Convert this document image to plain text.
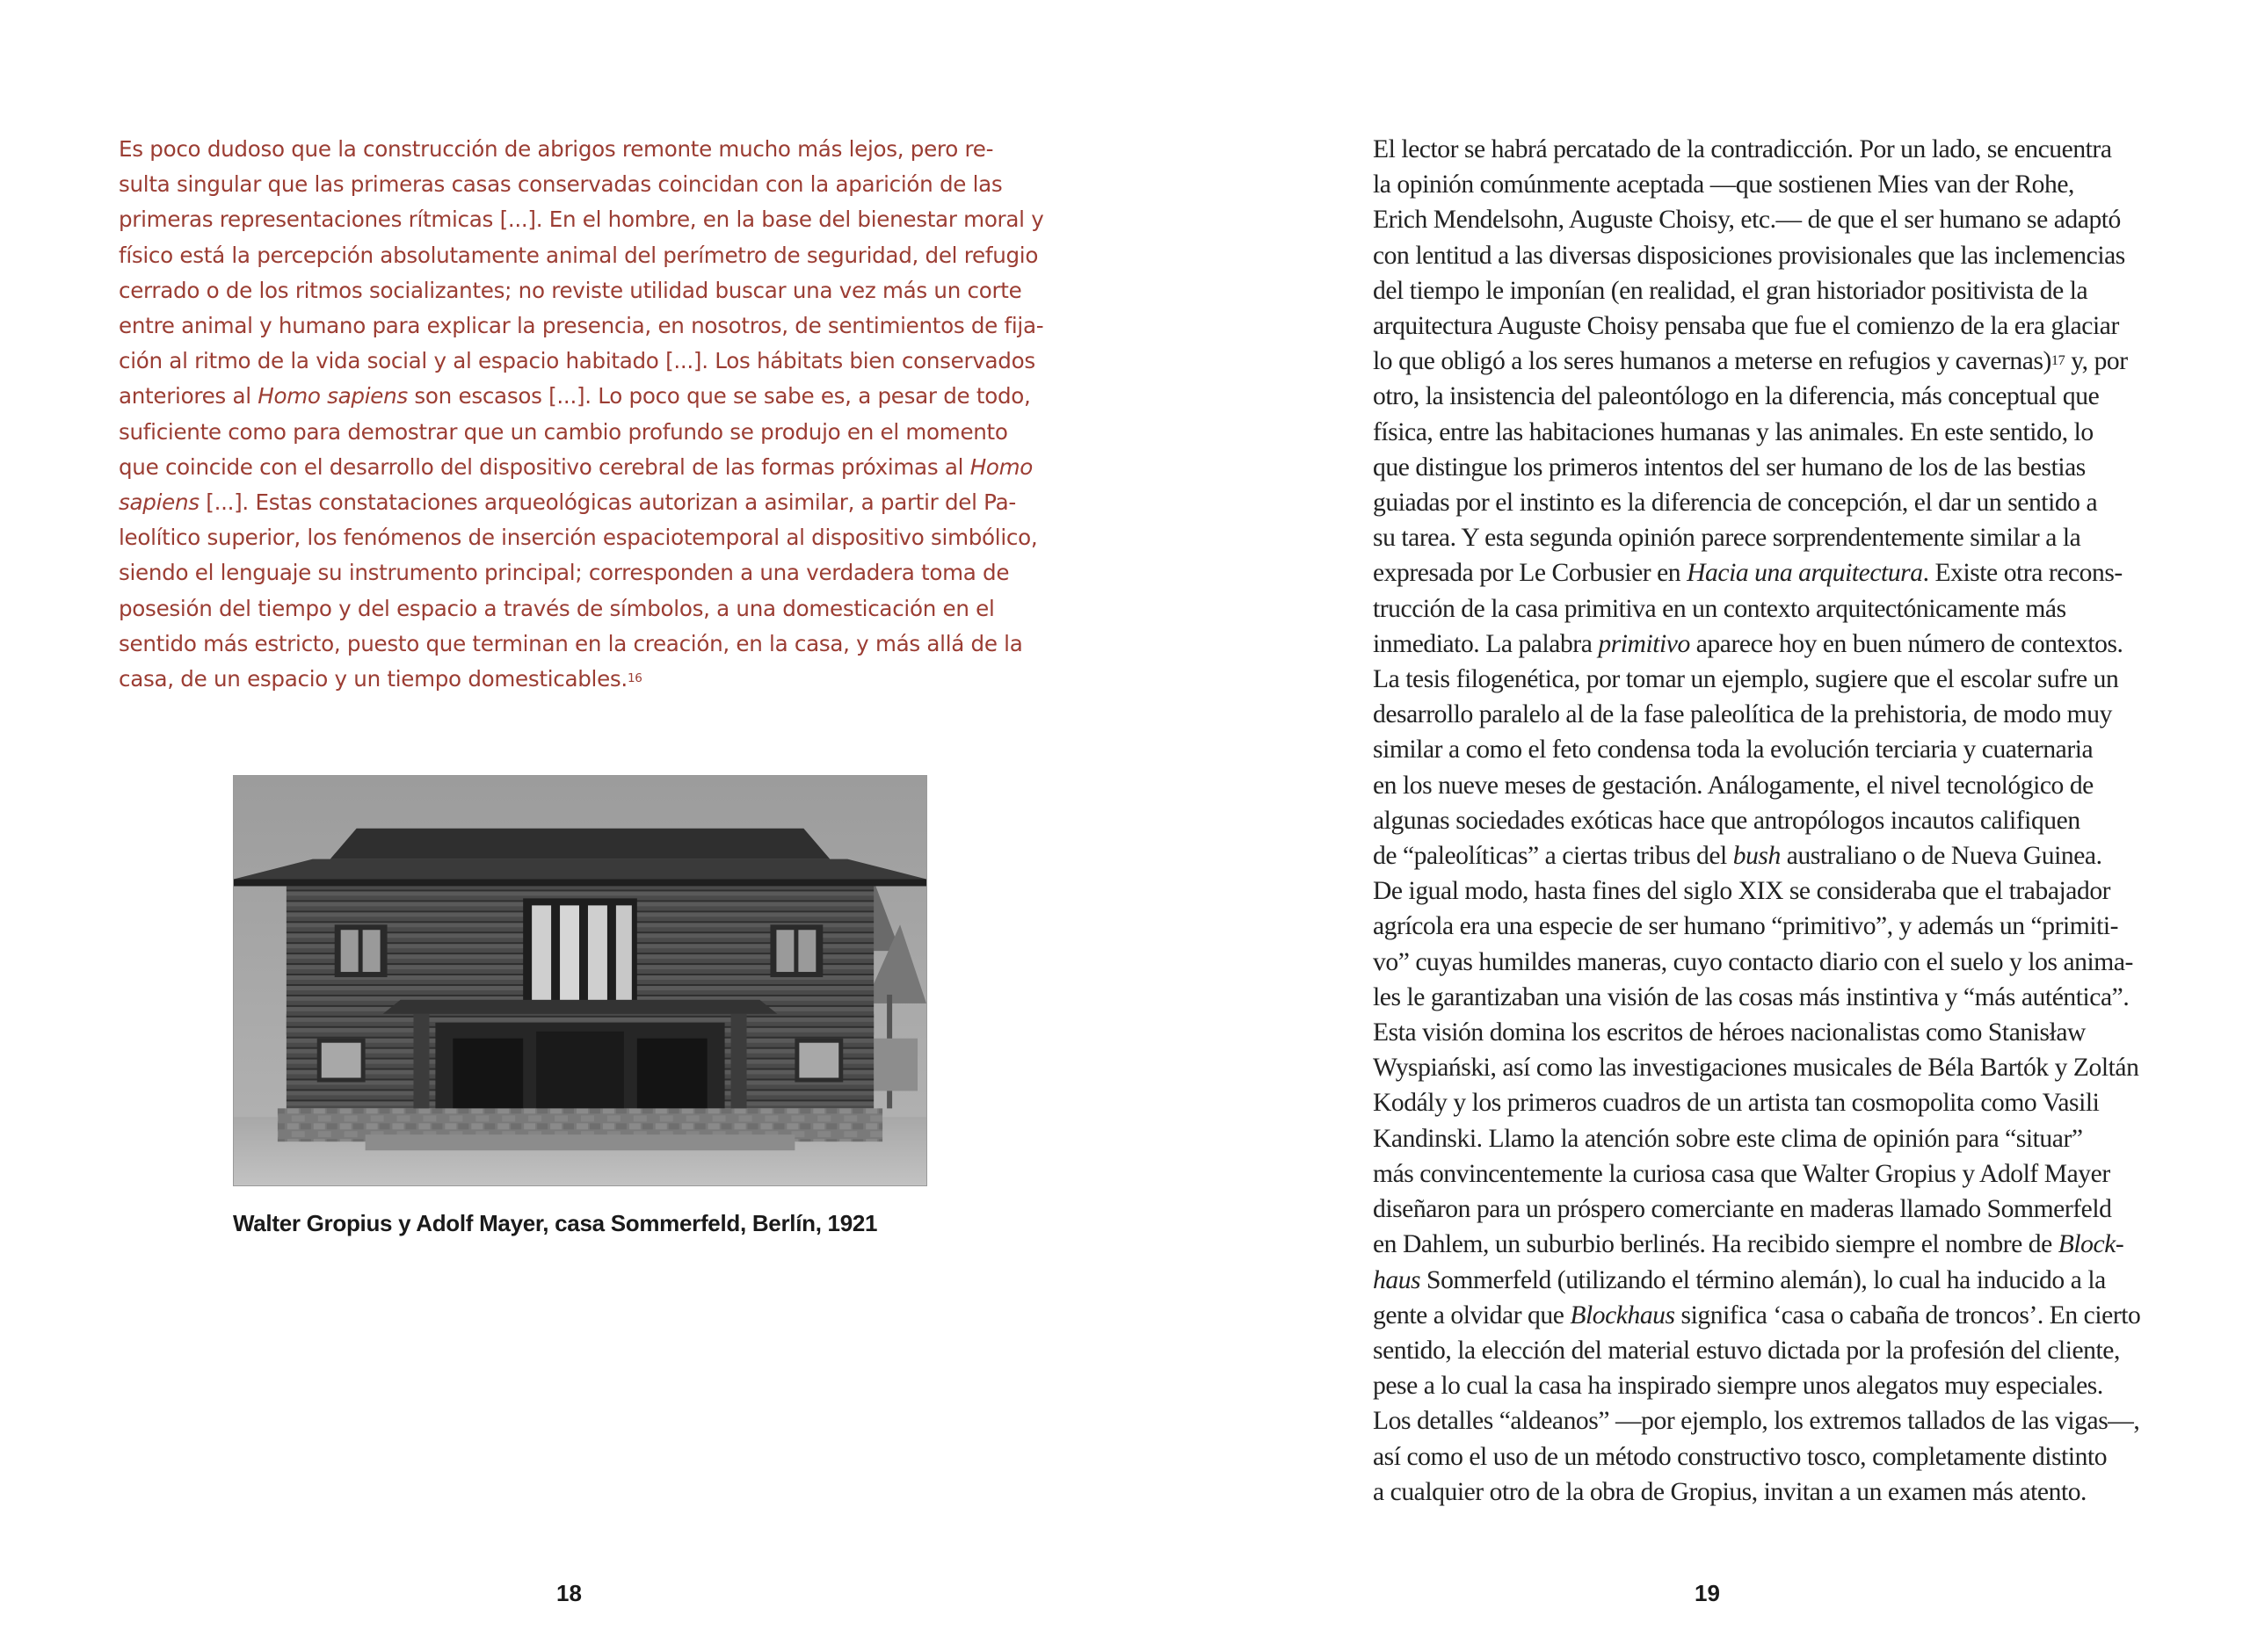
Es poco dudoso que la construcción de abrigos remonte mucho más lejos, pero re-
sulta singular que las primeras casas conservadas coincidan con la aparición de las
primeras representaciones rítmicas [...]. En el hombre, en la base del bienestar moral y
físico está la percepción absolutamente animal del perímetro de seguridad, del refugio
cerrado o de los ritmos socializantes; no reviste utilidad buscar una vez más un corte
entre animal y humano para explicar la presencia, en nosotros, de sentimientos de fija-
ción al ritmo de la vida social y al espacio habitado [...]. Los hábitats bien conservados
anteriores al Homo sapiens son escasos [...]. Lo poco que se sabe es, a pesar de todo,
suficiente como para demostrar que un cambio profundo se produjo en el momento
que coincide con el desarrollo del dispositivo cerebral de las formas próximas al Homo
sapiens [...]. Estas constataciones arqueológicas autorizan a asimilar, a partir del Pa-
leolítico superior, los fenómenos de inserción espaciotemporal al dispositivo simbólico,
siendo el lenguaje su instrumento principal; corresponden a una verdadera toma de
posesión del tiempo y del espacio a través de símbolos, a una domesticación en el
sentido más estricto, puesto que terminan en la creación, en la casa, y más allá de la
casa, de un espacio y un tiempo domesticables.$^{16}$
Walter Gropius y Adolf Mayer, casa Sommerfeld, Berlín, 1921
18
El lector se habrá percatado de la contradicción. Por un lado, se encuentra
la opinión comúnmente aceptada —que sostienen Mies van der Rohe,
Erich Mendelsohn, Auguste Choisy, etc.— de que el ser humano se adaptó
con lentitud a las diversas disposiciones provisionales que las inclemencias
del tiempo le imponían (en realidad, el gran historiador positivista de la
arquitectura Auguste Choisy pensaba que fue el comienzo de la era glaciar
lo que obligó a los seres humanos a meterse en refugios y cavernas)$^{17}$ y, por
otro, la insistencia del paleontólogo en la diferencia, más conceptual que
física, entre las habitaciones humanas y las animales. En este sentido, lo
que distingue los primeros intentos del ser humano de los de las bestias
guiadas por el instinto es la diferencia de concepción, el dar un sentido a
su tarea. Y esta segunda opinión parece sorprendentemente similar a la
expresada por Le Corbusier en Hacia una arquitectura. Existe otra recons-
trucción de la casa primitiva en un contexto arquitectónicamente más
inmediato. La palabra primitivo aparece hoy en buen número de contextos.
La tesis filogenética, por tomar un ejemplo, sugiere que el escolar sufre un
desarrollo paralelo al de la fase paleolítica de la prehistoria, de modo muy
similar a como el feto condensa toda la evolución terciaria y cuaternaria
en los nueve meses de gestación. Análogamente, el nivel tecnológico de
algunas sociedades exóticas hace que antropólogos incautos califiquen
de “paleolíticas” a ciertas tribus del bush australiano o de Nueva Guinea.
De igual modo, hasta fines del siglo XIX se consideraba que el trabajador
agrícola era una especie de ser humano “primitivo”, y además un “primiti-
vo” cuyas humildes maneras, cuyo contacto diario con el suelo y los anima-
les le garantizaban una visión de las cosas más instintiva y “más auténtica”.
Esta visión domina los escritos de héroes nacionalistas como Stanisław
Wyspiański, así como las investigaciones musicales de Béla Bartók y Zoltán
Kodály y los primeros cuadros de un artista tan cosmopolita como Vasili
Kandinski. Llamo la atención sobre este clima de opinión para “situar”
más convincentemente la curiosa casa que Walter Gropius y Adolf Mayer
diseñaron para un próspero comerciante en maderas llamado Sommerfeld
en Dahlem, un suburbio berlinés. Ha recibido siempre el nombre de Block-
haus Sommerfeld (utilizando el término alemán), lo cual ha inducido a la
gente a olvidar que Blockhaus significa ‘casa o cabaña de troncos’. En cierto
sentido, la elección del material estuvo dictada por la profesión del cliente,
pese a lo cual la casa ha inspirado siempre unos alegatos muy especiales.
Los detalles “aldeanos” —por ejemplo, los extremos tallados de las vigas—,
así como el uso de un método constructivo tosco, completamente distinto
a cualquier otro de la obra de Gropius, invitan a un examen más atento.
19
